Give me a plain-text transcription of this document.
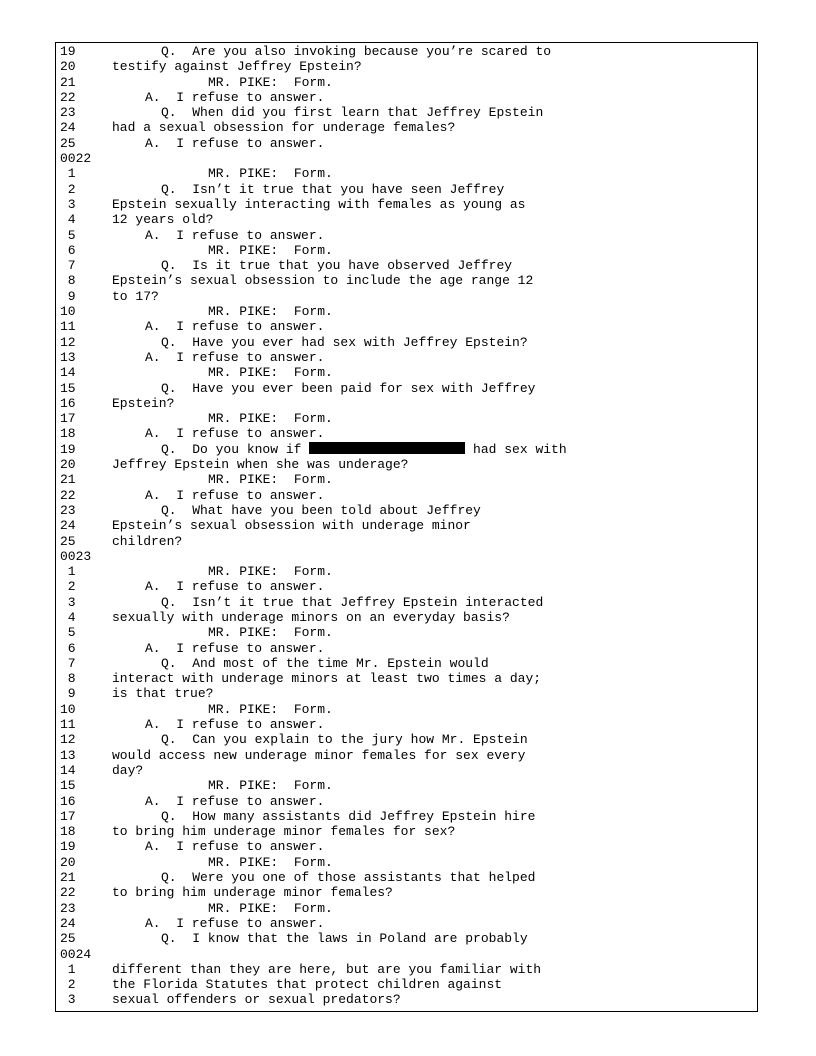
19	Q.  Are you also invoking because you’re scared to
20	testify against Jeffrey Epstein?
21	MR. PIKE:  Form.
22	A.  I refuse to answer.
23	Q.  When did you first learn that Jeffrey Epstein
24	had a sexual obsession for underage females?
25	A.  I refuse to answer.
0022
1	MR. PIKE:  Form.
2	Q.  Isn’t it true that you have seen Jeffrey
3	Epstein sexually interacting with females as young as
4	12 years old?
5	A.  I refuse to answer.
6	MR. PIKE:  Form.
7	Q.  Is it true that you have observed Jeffrey
8	Epstein’s sexual obsession to include the age range 12
9	to 17?
10	MR. PIKE:  Form.
11	A.  I refuse to answer.
12	Q.  Have you ever had sex with Jeffrey Epstein?
13	A.  I refuse to answer.
14	MR. PIKE:  Form.
15	Q.  Have you ever been paid for sex with Jeffrey
16	Epstein?
17	MR. PIKE:  Form.
18	A.  I refuse to answer.
19	Q.  Do you know if	had sex with
20	Jeffrey Epstein when she was underage?
21	MR. PIKE:  Form.
22	A.  I refuse to answer.
23	Q.  What have you been told about Jeffrey
24	Epstein’s sexual obsession with underage minor
25	children?
0023
1	MR. PIKE:  Form.
2	A.  I refuse to answer.
3	Q.  Isn’t it true that Jeffrey Epstein interacted
4	sexually with underage minors on an everyday basis?
5	MR. PIKE:  Form.
6	A.  I refuse to answer.
7	Q.  And most of the time Mr. Epstein would
8	interact with underage minors at least two times a day;
9	is that true?
10	MR. PIKE:  Form.
11	A.  I refuse to answer.
12	Q.  Can you explain to the jury how Mr. Epstein
13	would access new underage minor females for sex every
14	day?
15	MR. PIKE:  Form.
16	A.  I refuse to answer.
17	Q.  How many assistants did Jeffrey Epstein hire
18	to bring him underage minor females for sex?
19	A.  I refuse to answer.
20	MR. PIKE:  Form.
21	Q.  Were you one of those assistants that helped
22	to bring him underage minor females?
23	MR. PIKE:  Form.
24	A.  I refuse to answer.
25	Q.  I know that the laws in Poland are probably
0024
1	different than they are here, but are you familiar with
2	the Florida Statutes that protect children against
3	sexual offenders or sexual predators?
